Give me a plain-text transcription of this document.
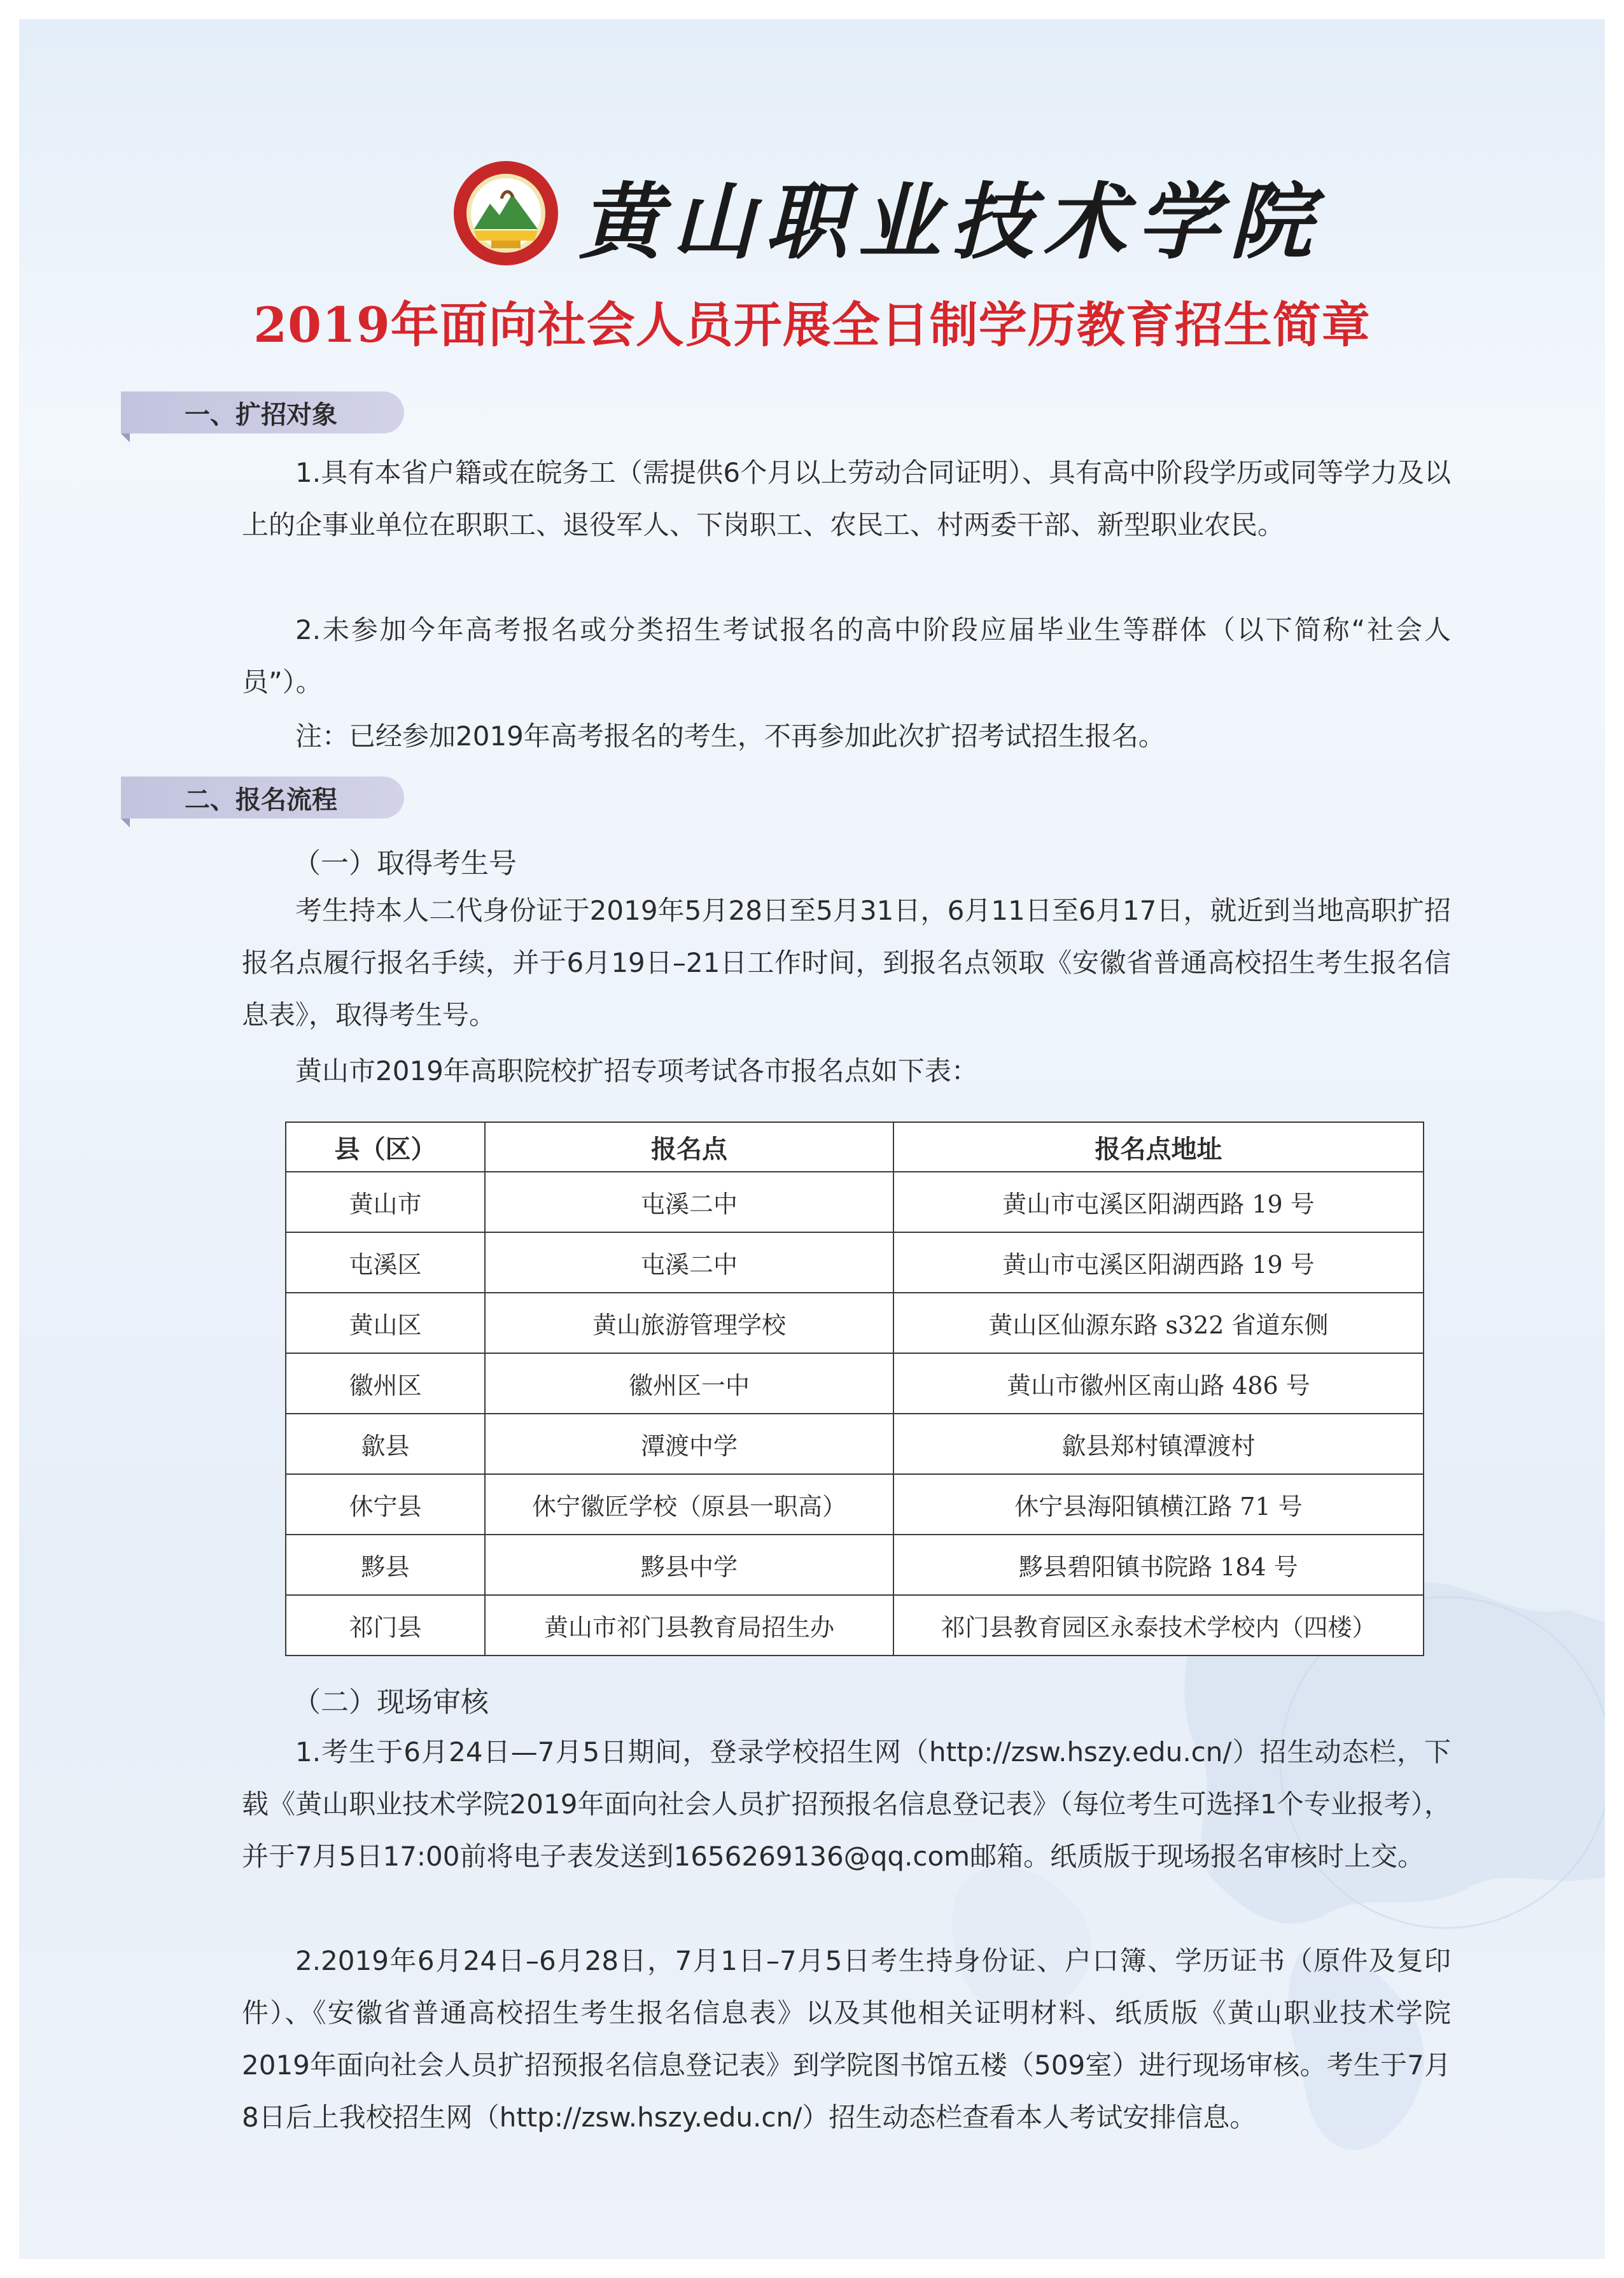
黄山职业技术学院
2019年面向社会人员开展全日制学历教育招生简章
一、扩招对象

1.具有本省户籍或在皖务工（需提供6个月以上劳动合同证明）、具有高中阶段学历或同等学力及以上的企事业单位在职职工、退役军人、下岗职工、农民工、村两委干部、新型职业农民。

2.未参加今年高考报名或分类招生考试报名的高中阶段应届毕业生等群体（以下简称“社会人员”）。

注：已经参加2019年高考报名的考生，不再参加此次扩招考试招生报名。

二、报名流程
（一）取得考生号

考生持本人二代身份证于2019年5月28日至5月31日，6月11日至6月17日，就近到当地高职扩招报名点履行报名手续，并于6月19日–21日工作时间，到报名点领取《安徽省普通高校招生考生报名信息表》，取得考生号。

黄山市2019年高职院校扩招专项考试各市报名点如下表：

县（区）	报名点	报名点地址
黄山市	屯溪二中	黄山市屯溪区阳湖西路 19 号
屯溪区	屯溪二中	黄山市屯溪区阳湖西路 19 号
黄山区	黄山旅游管理学校	黄山区仙源东路 s322 省道东侧
徽州区	徽州区一中	黄山市徽州区南山路 486 号
歙县	潭渡中学	歙县郑村镇潭渡村
休宁县	休宁徽匠学校（原县一职高）	休宁县海阳镇横江路 71 号
黟县	黟县中学	黟县碧阳镇书院路 184 号
祁门县	黄山市祁门县教育局招生办	祁门县教育园区永泰技术学校内（四楼）
（二）现场审核

1.考生于6月24日—7月5日期间，登录学校招生网（http://zsw.hszy.edu.cn/）招生动态栏，下载《黄山职业技术学院2019年面向社会人员扩招预报名信息登记表》（每位考生可选择1个专业报考），并于7月5日17:00前将电子表发送到1656269136@qq.com邮箱。纸质版于现场报名审核时上交。

2.2019年6月24日–6月28日，7月1日–7月5日考生持身份证、户口簿、学历证书（原件及复印件）、《安徽省普通高校招生考生报名信息表》以及其他相关证明材料、纸质版《黄山职业技术学院2019年面向社会人员扩招预报名信息登记表》到学院图书馆五楼（509室）进行现场审核。考生于7月8日后上我校招生网（http://zsw.hszy.edu.cn/）招生动态栏查看本人考试安排信息。
